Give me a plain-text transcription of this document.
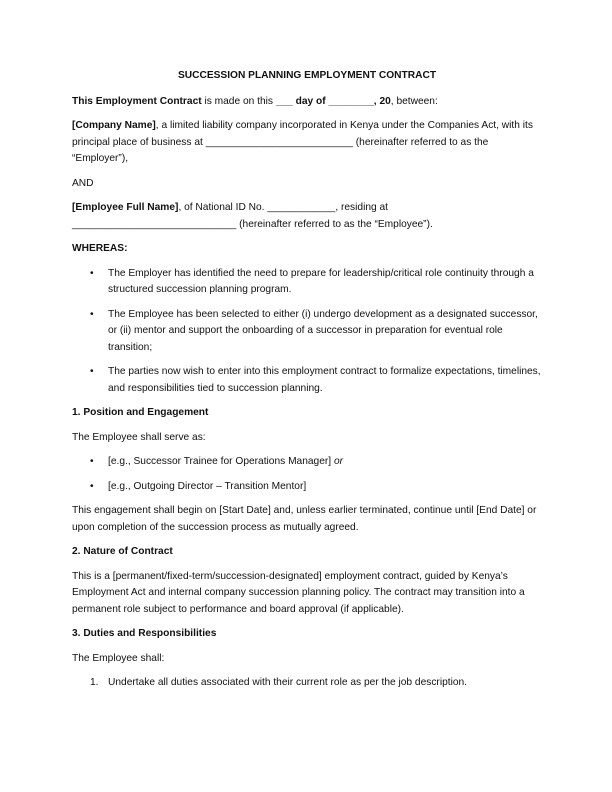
SUCCESSION PLANNING EMPLOYMENT CONTRACT

This Employment Contract is made on this ___ day of ________, 20, between:

[Company Name], a limited liability company incorporated in Kenya under the Companies Act, with its principal place of business at __________________________ (hereinafter referred to as the “Employer”),

AND

[Employee Full Name], of National ID No. ____________, residing at _____________________________ (hereinafter referred to as the “Employee”).

WHEREAS:
• The Employer has identified the need to prepare for leadership/critical role continuity through a structured succession planning program.
• The Employee has been selected to either (i) undergo development as a designated successor, or (ii) mentor and support the onboarding of a successor in preparation for eventual role transition;
• The parties now wish to enter into this employment contract to formalize expectations, timelines, and responsibilities tied to succession planning.
1. Position and Engagement

The Employee shall serve as:

• [e.g., Successor Trainee for Operations Manager] or
• [e.g., Outgoing Director – Transition Mentor]

This engagement shall begin on [Start Date] and, unless earlier terminated, continue until [End Date] or upon completion of the succession process as mutually agreed.

2. Nature of Contract

This is a [permanent/fixed-term/succession-designated] employment contract, guided by Kenya’s Employment Act and internal company succession planning policy. The contract may transition into a permanent role subject to performance and board approval (if applicable).

3. Duties and Responsibilities

The Employee shall:

1. Undertake all duties associated with their current role as per the job description.
